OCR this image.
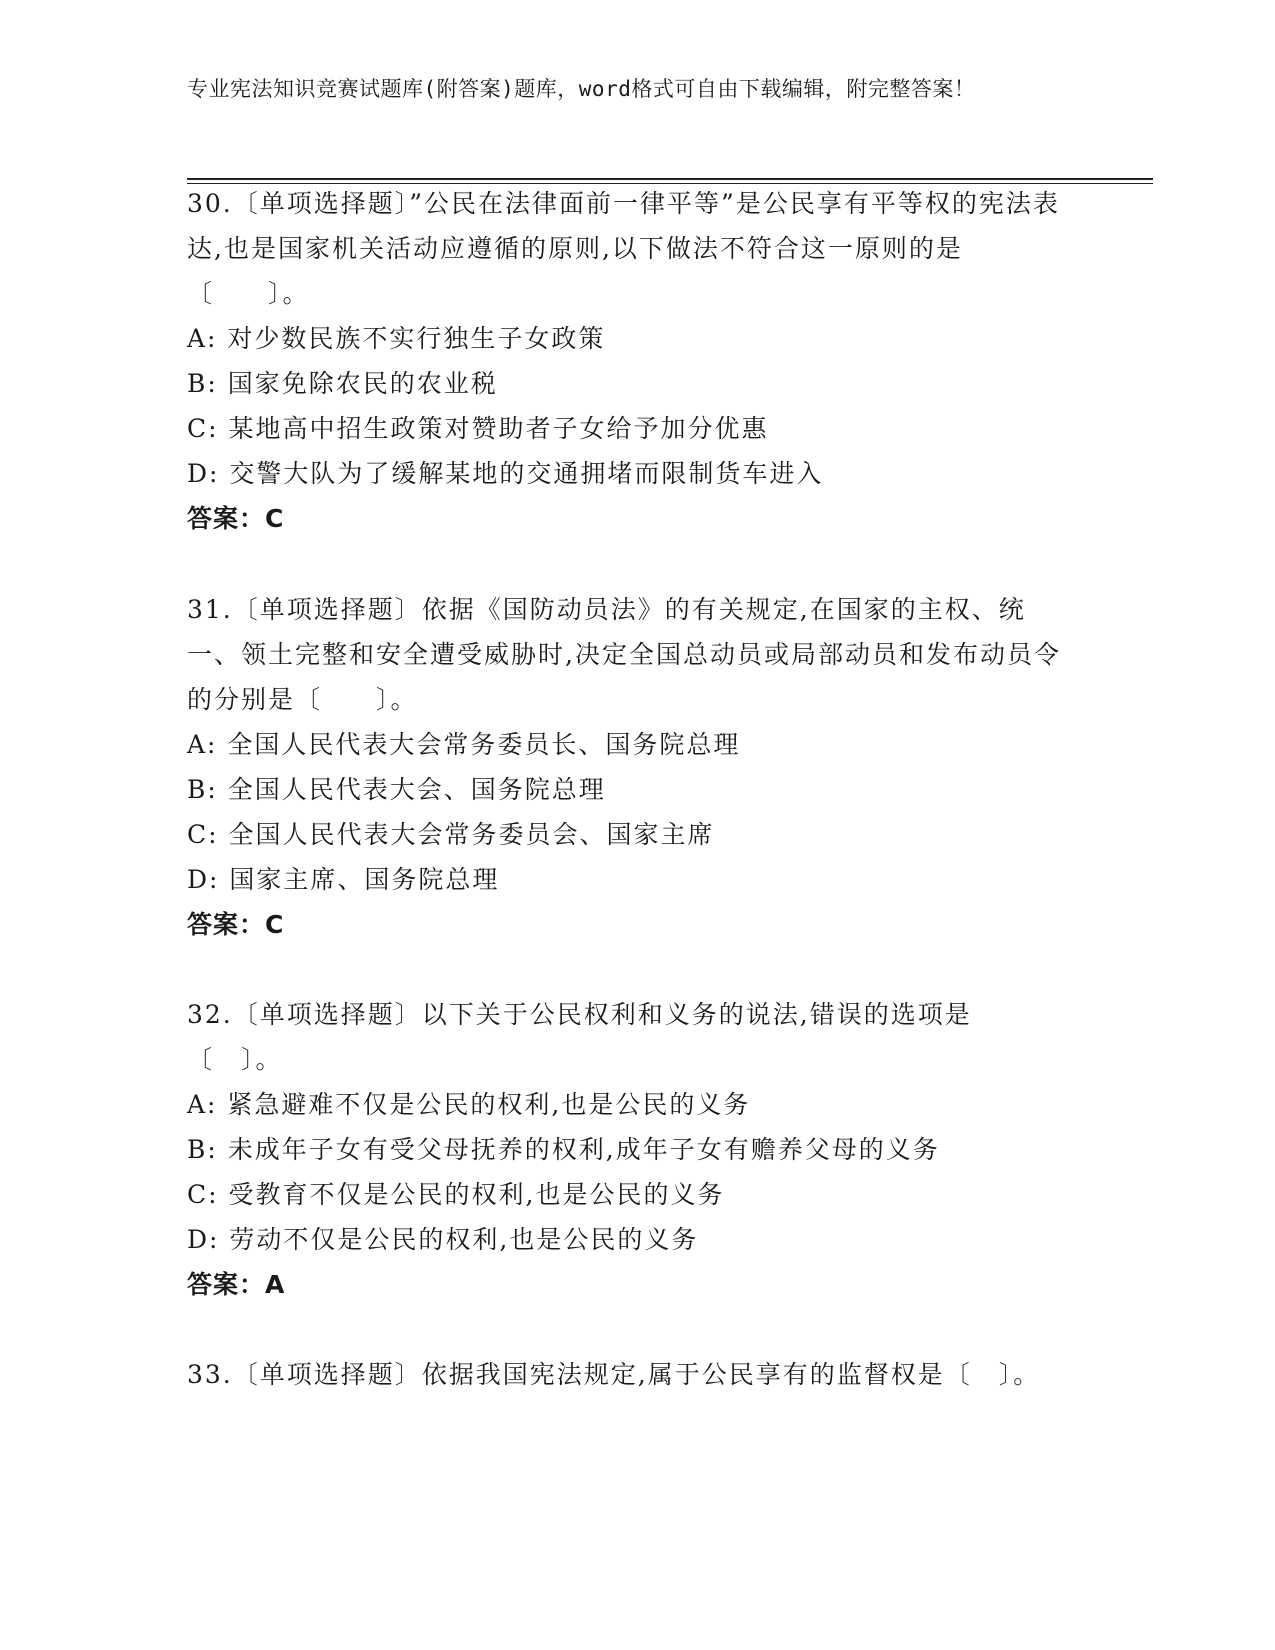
专业宪法知识竞赛试题库(附答案)题库，word格式可自由下载编辑，附完整答案！

30.〔单项选择题〕”公民在法律面前一律平等”是公民享有平等权的宪法表达,也是国家机关活动应遵循的原则,以下做法不符合这一原则的是〔　　〕。

A: 对少数民族不实行独生子女政策

B: 国家免除农民的农业税

C: 某地高中招生政策对赞助者子女给予加分优惠

D: 交警大队为了缓解某地的交通拥堵而限制货车进入

答案：C

31.〔单项选择题〕依据《国防动员法》的有关规定,在国家的主权、统一、领土完整和安全遭受威胁时,决定全国总动员或局部动员和发布动员令的分别是〔　　〕。

A: 全国人民代表大会常务委员长、国务院总理

B: 全国人民代表大会、国务院总理

C: 全国人民代表大会常务委员会、国家主席

D: 国家主席、国务院总理

答案：C

32.〔单项选择题〕以下关于公民权利和义务的说法,错误的选项是〔　〕。

A: 紧急避难不仅是公民的权利,也是公民的义务

B: 未成年子女有受父母抚养的权利,成年子女有赡养父母的义务

C: 受教育不仅是公民的权利,也是公民的义务

D: 劳动不仅是公民的权利,也是公民的义务

答案：A

33.〔单项选择题〕依据我国宪法规定,属于公民享有的监督权是〔　〕。
